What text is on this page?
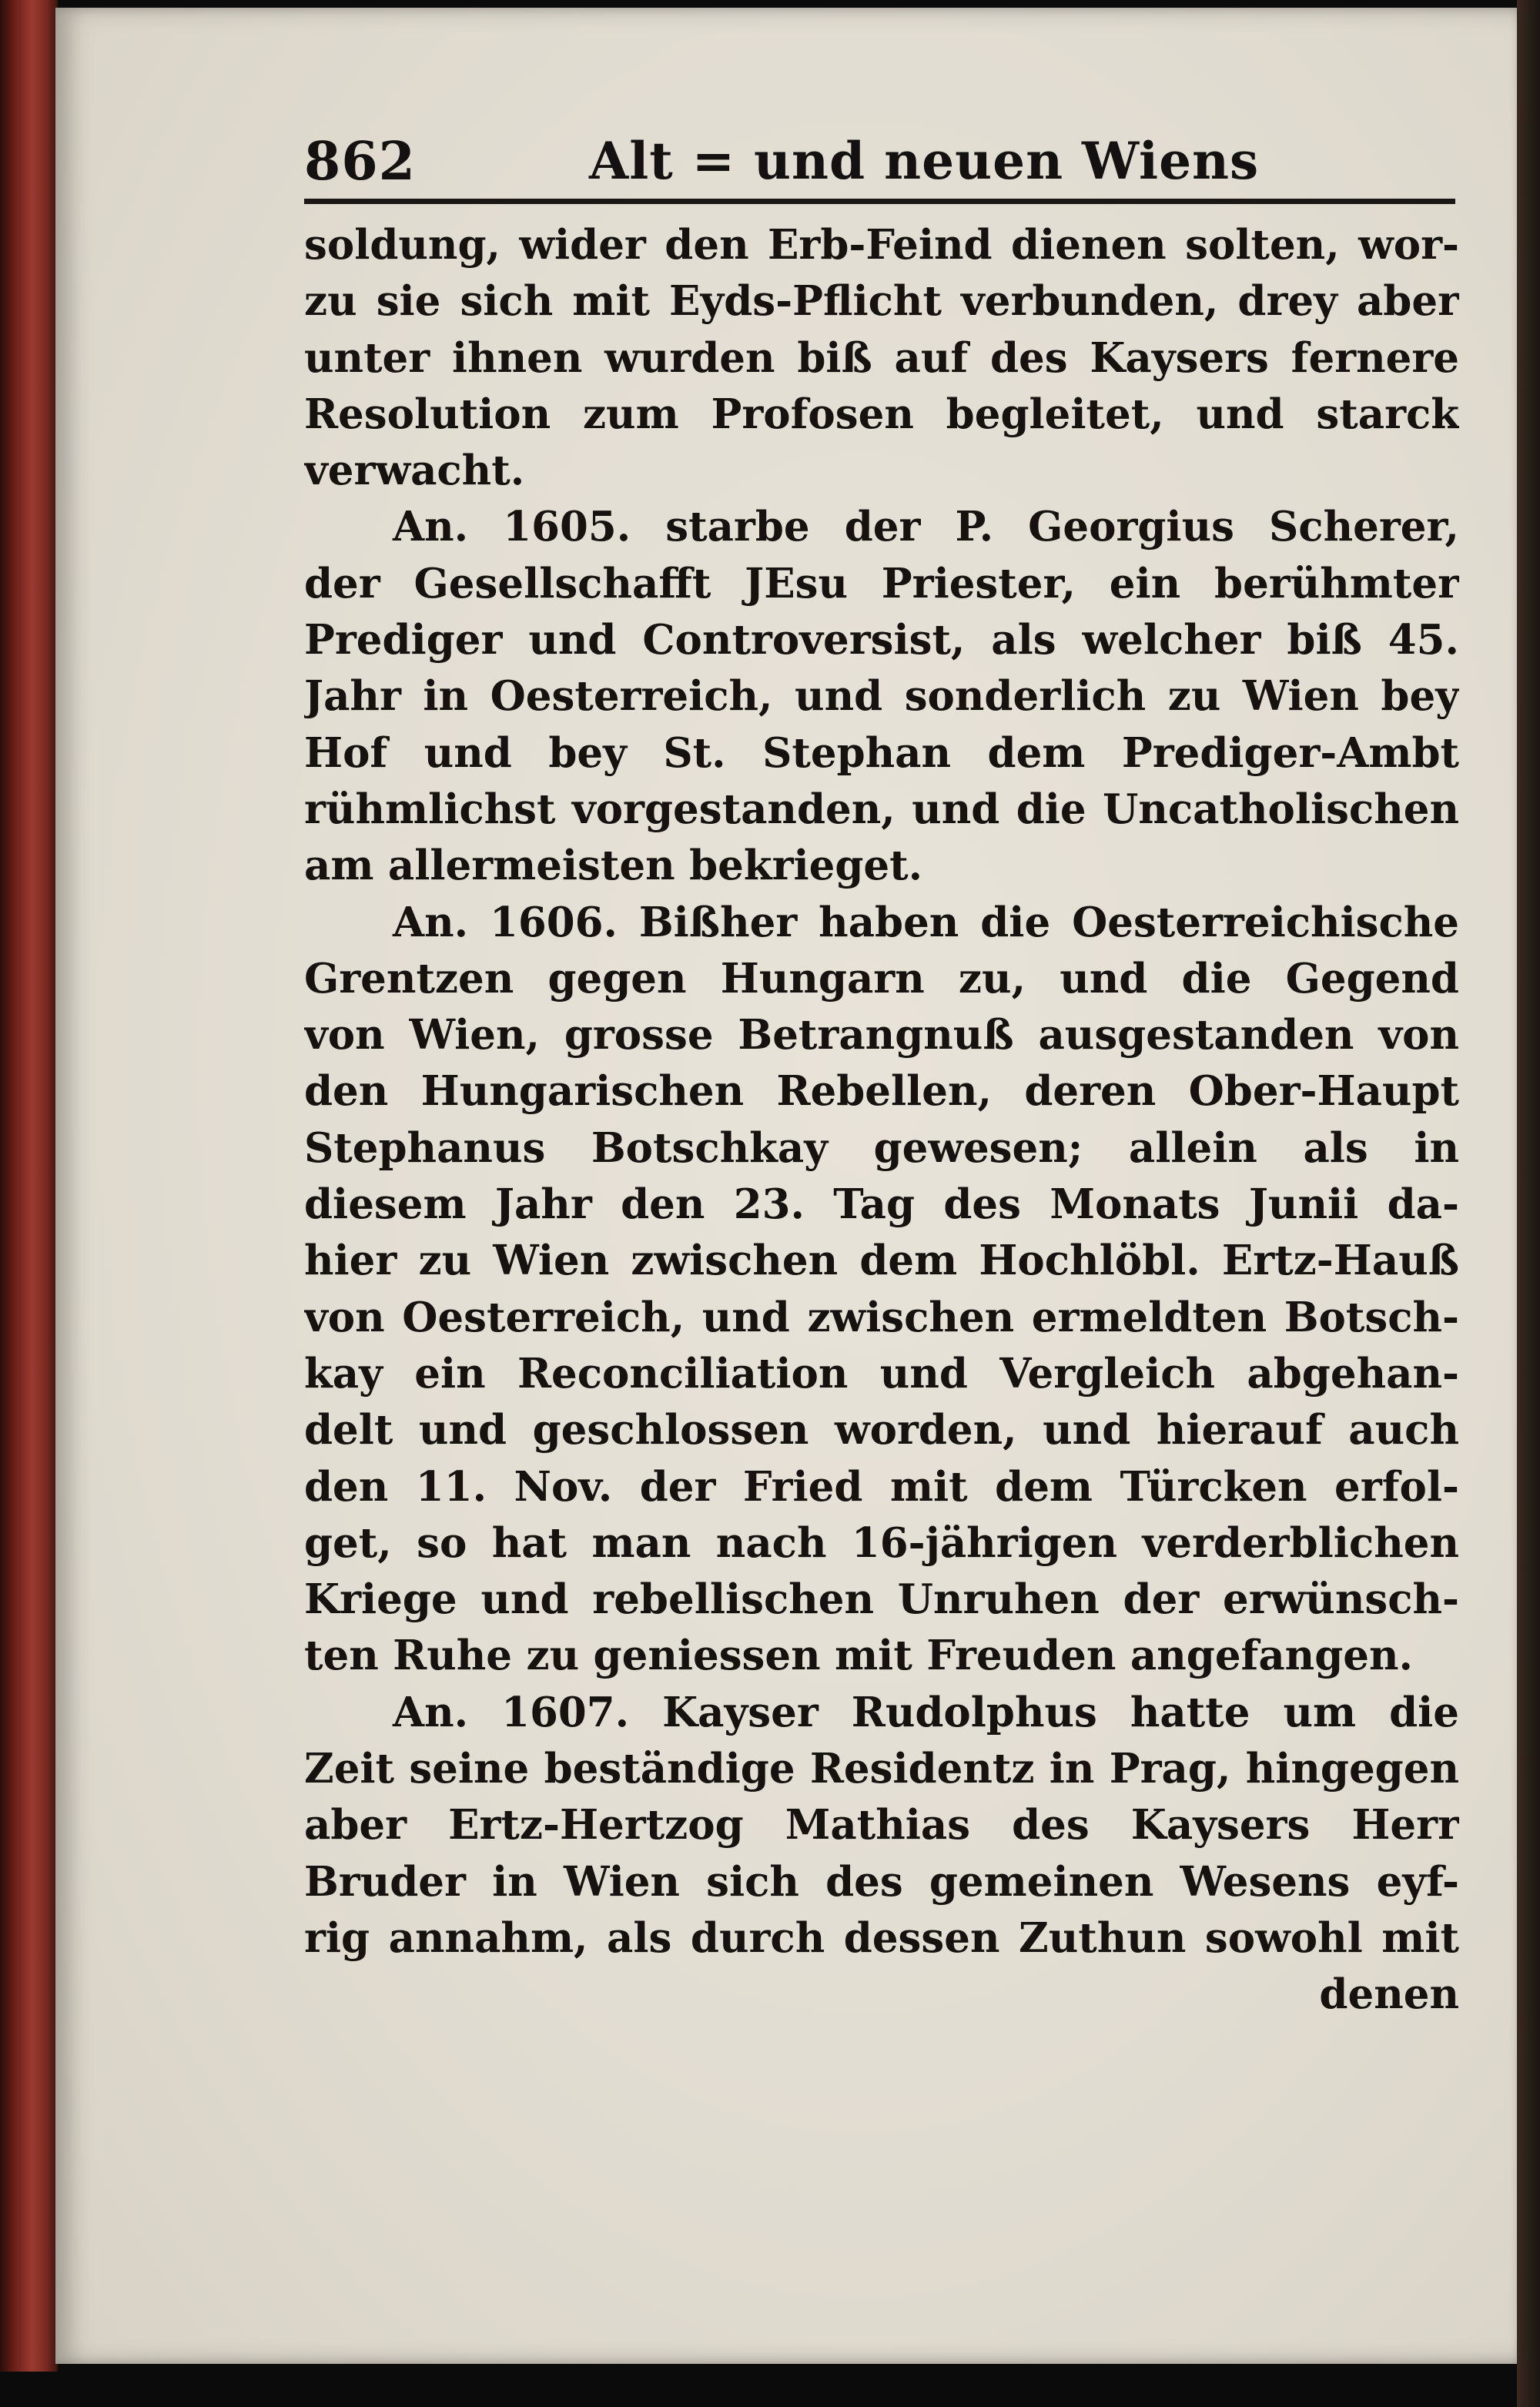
862	Alt = und neuen Wiens
soldung, wider den Erb-Feind dienen solten, wor-
zu sie sich mit Eyds-Pflicht verbunden, drey aber
unter ihnen wurden biß auf des Kaysers fernere
Resolution zum Profosen begleitet, und starck
verwacht.
An. 1605. starbe der P. Georgius Scherer,
der Gesellschafft JEsu Priester, ein berühmter
Prediger und Controversist, als welcher biß 45.
Jahr in Oesterreich, und sonderlich zu Wien bey
Hof und bey St. Stephan dem Prediger-Ambt
rühmlichst vorgestanden, und die Uncatholischen
am allermeisten bekrieget.
An. 1606. Bißher haben die Oesterreichische
Grentzen gegen Hungarn zu, und die Gegend
von Wien, grosse Betrangnuß ausgestanden von
den Hungarischen Rebellen, deren Ober-Haupt
Stephanus Botschkay gewesen; allein als in
diesem Jahr den 23. Tag des Monats Junii da-
hier zu Wien zwischen dem Hochlöbl. Ertz-Hauß
von Oesterreich, und zwischen ermeldten Botsch-
kay ein Reconciliation und Vergleich abgehan-
delt und geschlossen worden, und hierauf auch
den 11. Nov. der Fried mit dem Türcken erfol-
get, so hat man nach 16-jährigen verderblichen
Kriege und rebellischen Unruhen der erwünsch-
ten Ruhe zu geniessen mit Freuden angefangen.
An. 1607. Kayser Rudolphus hatte um die
Zeit seine beständige Residentz in Prag, hingegen
aber Ertz-Hertzog Mathias des Kaysers Herr
Bruder in Wien sich des gemeinen Wesens eyf-
rig annahm, als durch dessen Zuthun sowohl mit
denen
